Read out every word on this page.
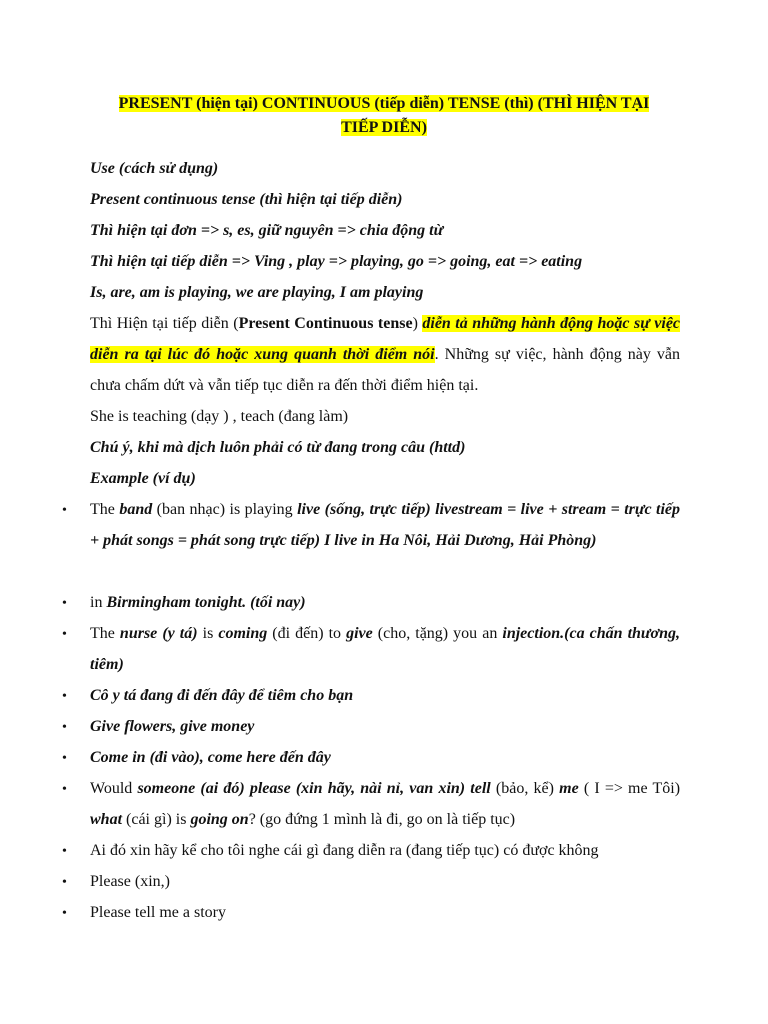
PRESENT (hiện tại) CONTINUOUS (tiếp diễn) TENSE (thì) (THÌ HIỆN TẠI
TIẾP DIỄN)
Use (cách sử dụng)
Present continuous tense (thì hiện tại tiếp diễn)
Thì hiện tại đơn => s, es, giữ nguyên => chia động từ
Thì hiện tại tiếp diễn => Ving , play => playing, go => going, eat => eating
Is, are, am is playing, we are playing, I am playing
Thì Hiện tại tiếp diễn (Present Continuous tense) diễn tả những hành động hoặc sự việc diễn ra tại lúc đó hoặc xung quanh thời điểm nói. Những sự việc, hành động này vẫn chưa chấm dứt và vẫn tiếp tục diễn ra đến thời điểm hiện tại.
She is teaching (dạy ) , teach (đang làm)
Chú ý, khi mà dịch luôn phải có từ đang trong câu (httd)
Example (ví dụ)
• The band (ban nhạc) is playing live (sống, trực tiếp) livestream = live + stream = trực tiếp + phát songs = phát song trực tiếp) I live in Ha Nôi, Hải Dương, Hải Phòng)
• in Birmingham tonight. (tối nay)
• The nurse (y tá) is coming (đi đến) to give (cho, tặng) you an injection.(ca chấn thương, tiêm)
• Cô y tá đang đi đến đây để tiêm cho bạn
• Give flowers, give money
• Come in (đi vào), come here đến đây
• Would someone (ai đó) please (xin hãy, nài nỉ, van xin) tell (bảo, kể) me ( I => me Tôi) what (cái gì) is going on? (go đứng 1 mình là đi, go on là tiếp tục)
• Ai đó xin hãy kể cho tôi nghe cái gì đang diễn ra (đang tiếp tục) có được không
• Please (xin,)
• Please tell me a story
